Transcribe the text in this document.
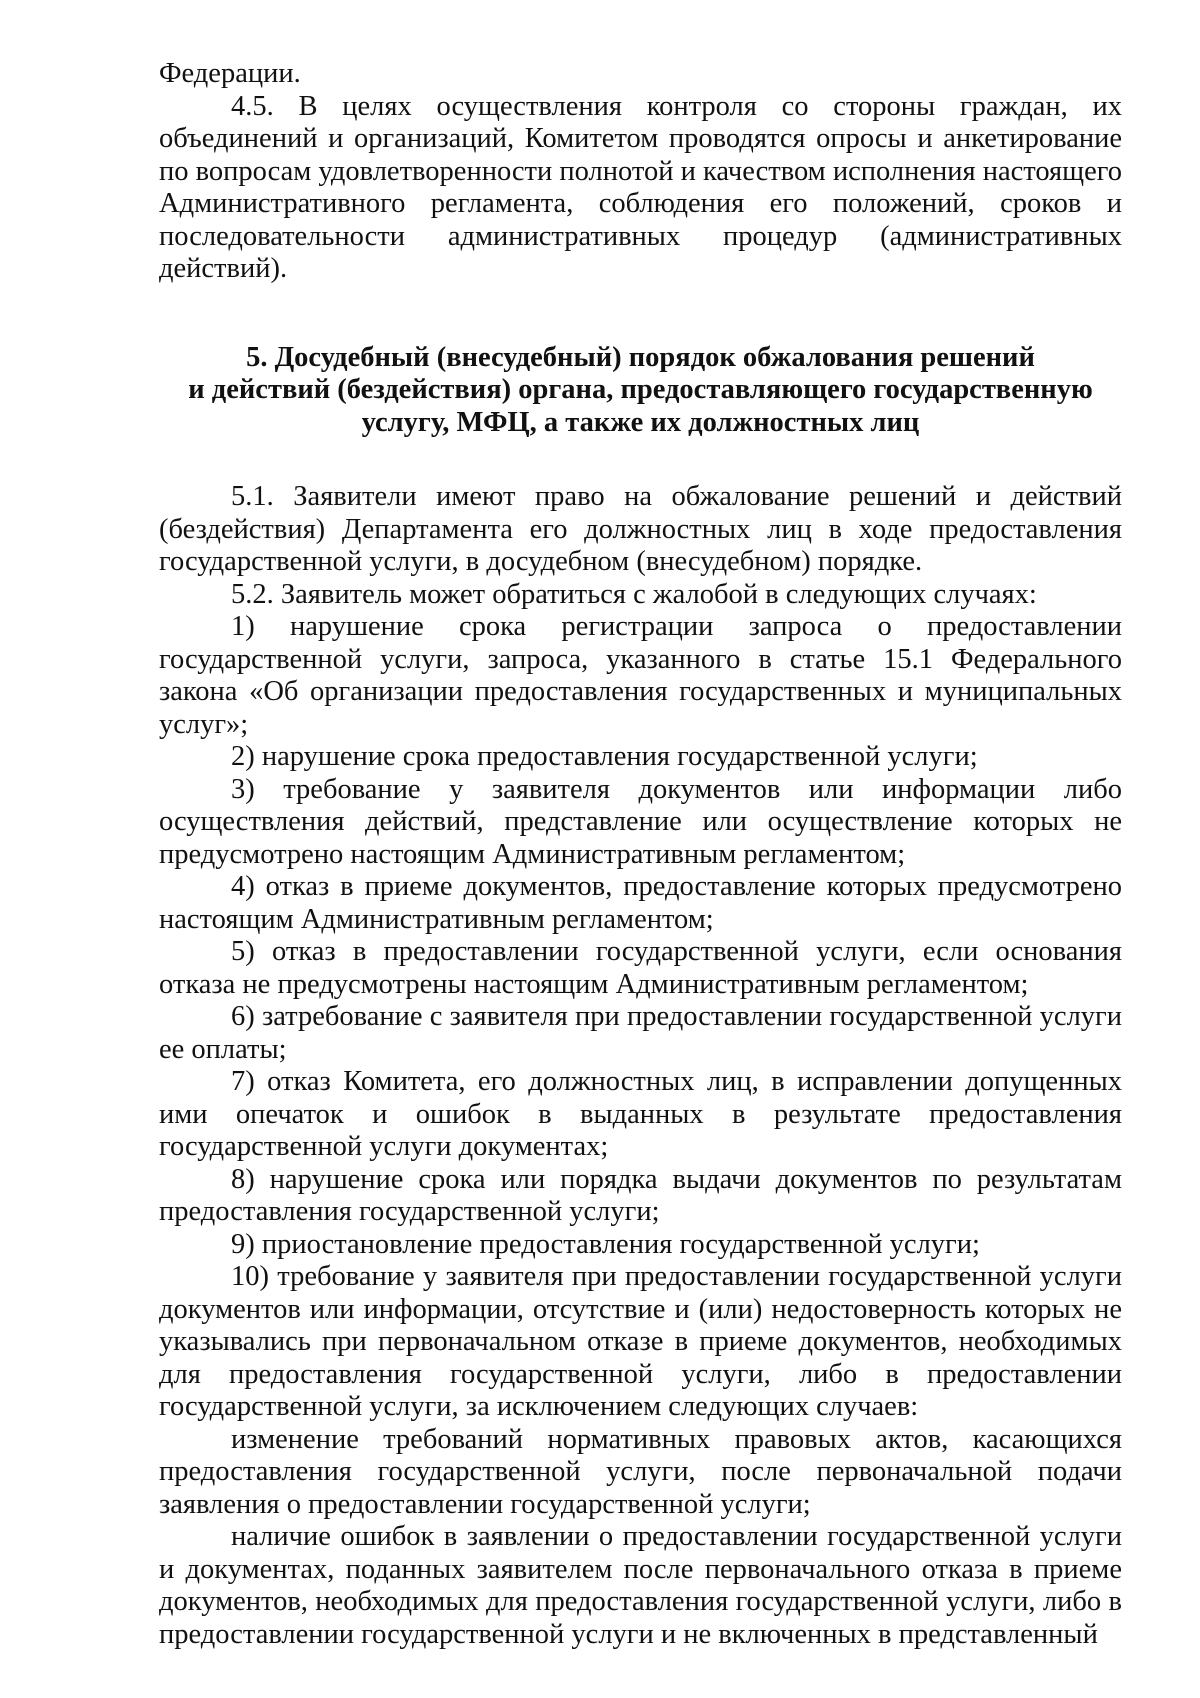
Федерации.

4.5. В целях осуществления контроля со стороны граждан, их объединений и организаций, Комитетом проводятся опросы и анкетирование по вопросам удовлетворенности полнотой и качеством исполнения настоящего Административного регламента, соблюдения его положений, сроков и последовательности административных процедур (административных действий).

5. Досудебный (внесудебный) порядок обжалования решений
и действий (бездействия) органа, предоставляющего государственную
услугу, МФЦ, а также их должностных лиц

5.1. Заявители имеют право на обжалование решений и действий (бездействия) Департамента его должностных лиц в ходе предоставления государственной услуги, в досудебном (внесудебном) порядке.

5.2. Заявитель может обратиться с жалобой в следующих случаях:

1) нарушение срока регистрации запроса о предоставлении государственной услуги, запроса, указанного в статье 15.1 Федерального закона «Об организации предоставления государственных и муниципальных услуг»;

2) нарушение срока предоставления государственной услуги;

3) требование у заявителя документов или информации либо осуществления действий, представление или осуществление которых не предусмотрено настоящим Административным регламентом;

4) отказ в приеме документов, предоставление которых предусмотрено настоящим Административным регламентом;

5) отказ в предоставлении государственной услуги, если основания отказа не предусмотрены настоящим Административным регламентом;

6) затребование с заявителя при предоставлении государственной услуги ее оплаты;

7) отказ Комитета, его должностных лиц, в исправлении допущенных ими опечаток и ошибок в выданных в результате предоставления государственной услуги документах;

8) нарушение срока или порядка выдачи документов по результатам предоставления государственной услуги;

9) приостановление предоставления государственной услуги;

10) требование у заявителя при предоставлении государственной услуги документов или информации, отсутствие и (или) недостоверность которых не указывались при первоначальном отказе в приеме документов, необходимых для предоставления государственной услуги, либо в предоставлении государственной услуги, за исключением следующих случаев:

изменение требований нормативных правовых актов, касающихся предоставления государственной услуги, после первоначальной подачи заявления о предоставлении государственной услуги;

наличие ошибок в заявлении о предоставлении государственной услуги и документах, поданных заявителем после первоначального отказа в приеме документов, необходимых для предоставления государственной услуги, либо в предоставлении государственной услуги и не включенных в представленный
